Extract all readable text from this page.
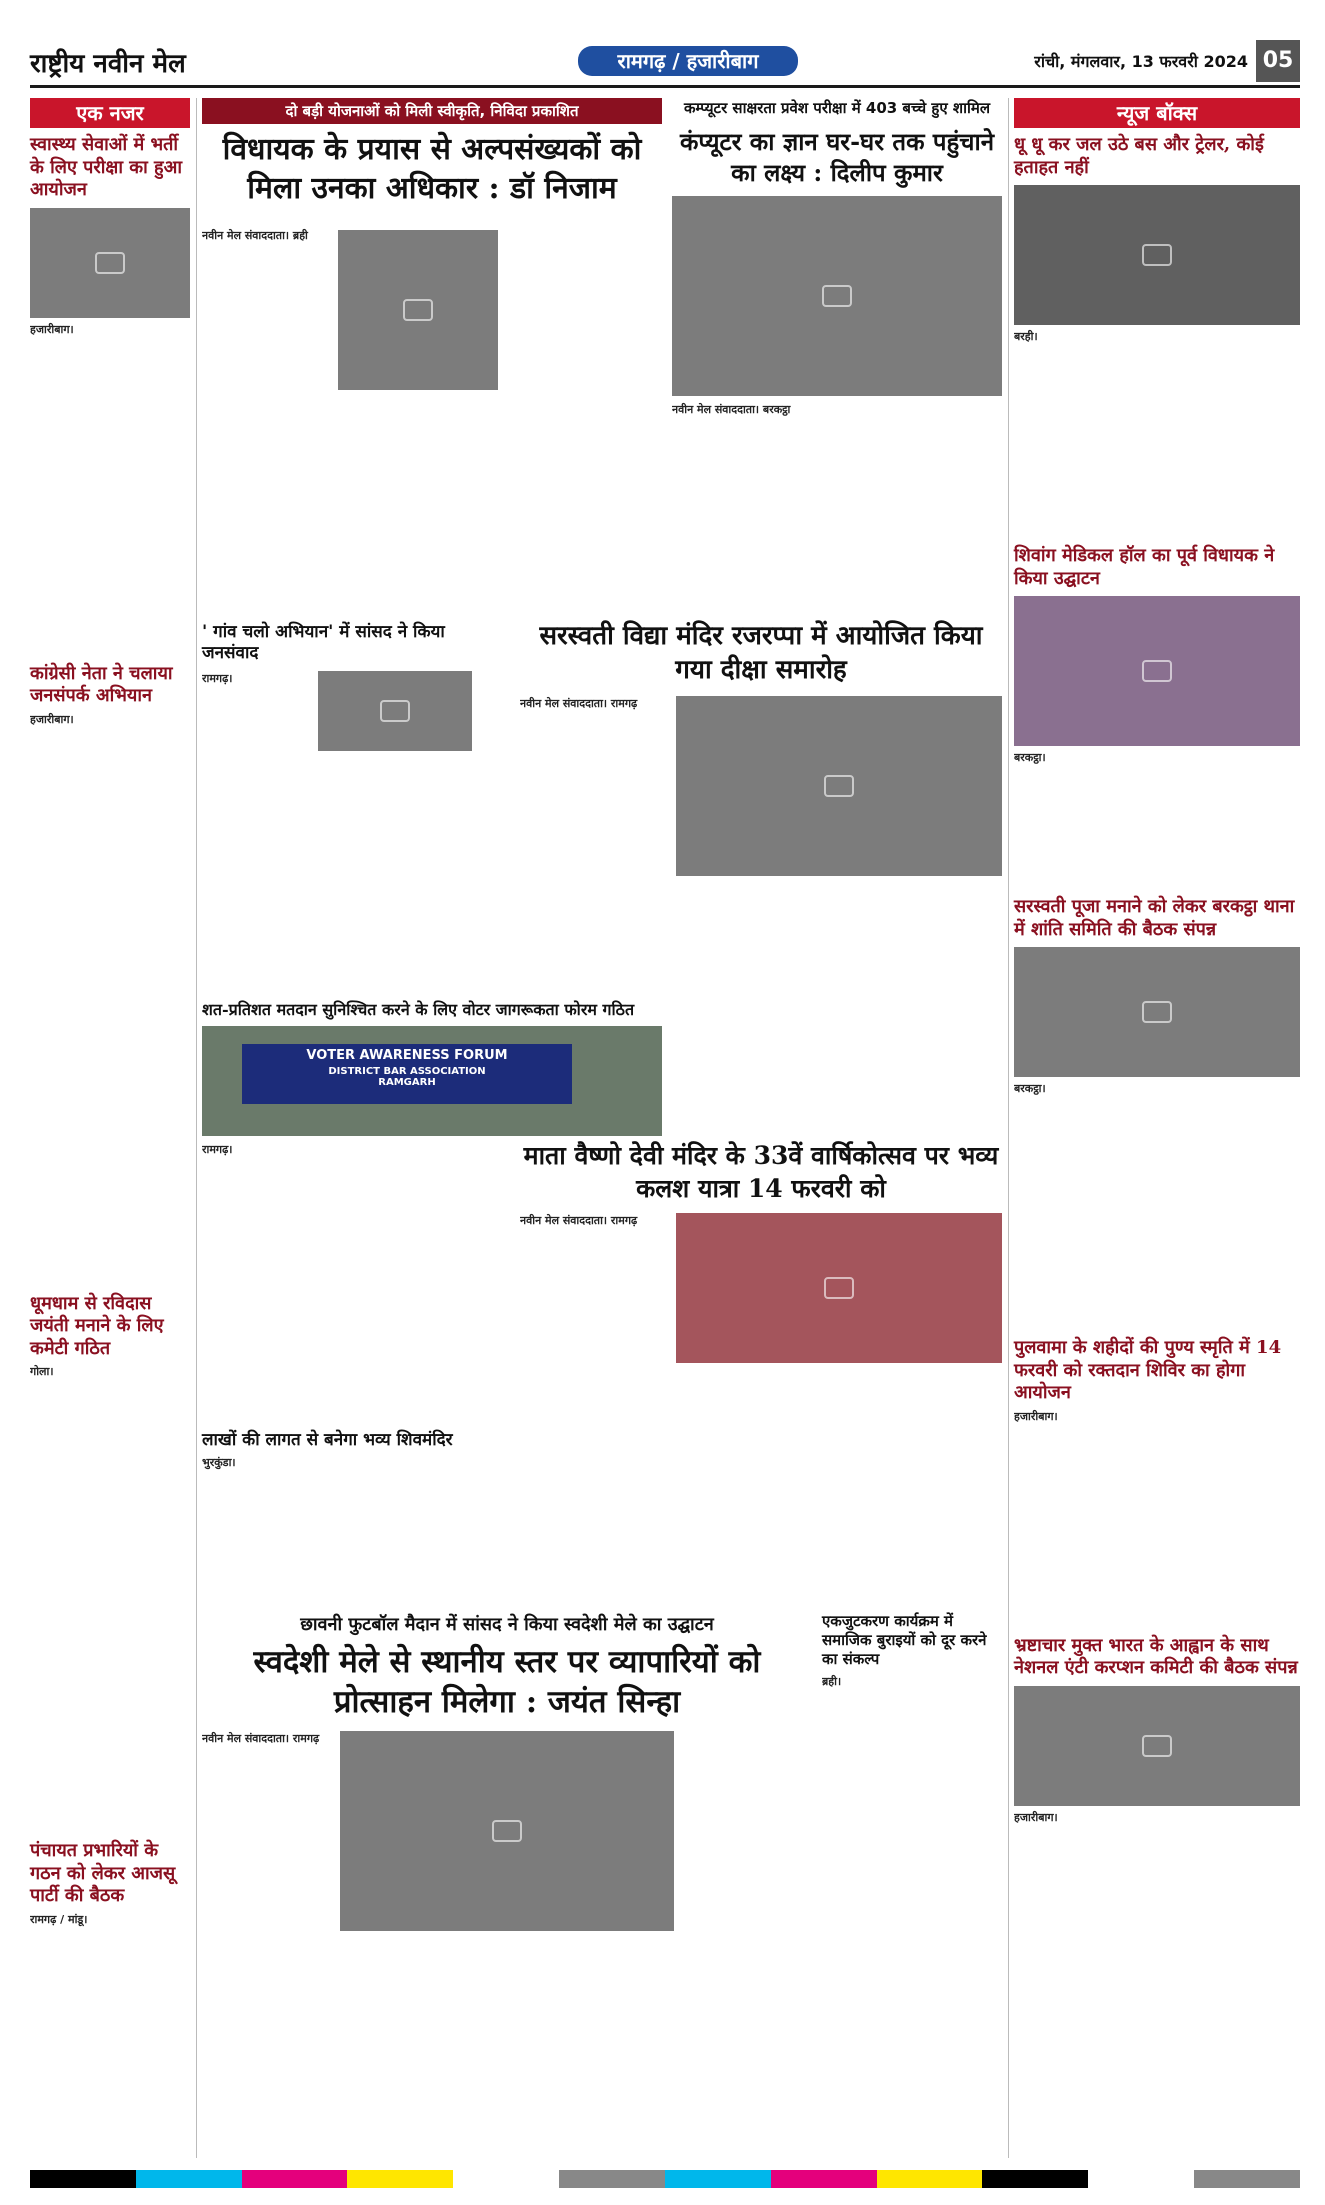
राष्ट्रीय नवीन मेल	रामगढ़ / हजारीबाग	रांची, मंगलवार, 13 फरवरी 2024 05
एक नजर
स्वास्थ्य सेवाओं में भर्ती के लिए परीक्षा का हुआ आयोजन
हजारीबाग।
कांग्रेसी नेता ने चलाया जनसंपर्क अभियान
हजारीबाग।
धूमधाम से रविदास जयंती मनाने के लिए कमेटी गठित
गोला।
पंचायत प्रभारियों के गठन को लेकर आजसू पार्टी की बैठक
रामगढ़ / मांडू।
दो बड़ी योजनाओं को मिली स्वीकृति, निविदा प्रकाशित
विधायक के प्रयास से अल्पसंख्यकों को मिला उनका अधिकार : डॉ निजाम
नवीन मेल संवाददाता। ब्रही
कम्प्यूटर साक्षरता प्रवेश परीक्षा में 403 बच्चे हुए शामिल
कंप्यूटर का ज्ञान घर-घर तक पहुंचाने का लक्ष्य : दिलीप कुमार
नवीन मेल संवाददाता। बरकट्ठा
' गांव चलो अभियान' में सांसद ने किया जनसंवाद
रामगढ़।
शत-प्रतिशत मतदान सुनिश्चित करने के लिए वोटर जागरूकता फोरम गठित
VOTER AWARENESS FORUM
DISTRICT BAR ASSOCIATION
RAMGARH
रामगढ़।
लाखों की लागत से बनेगा भव्य शिवमंदिर
भुरकुंडा।
सरस्वती विद्या मंदिर रजरप्पा में आयोजित किया गया दीक्षा समारोह
नवीन मेल संवाददाता। रामगढ़
माता वैष्णो देवी मंदिर के 33वें वार्षिकोत्सव पर भव्य कलश यात्रा 14 फरवरी को
नवीन मेल संवाददाता। रामगढ़
छावनी फुटबॉल मैदान में सांसद ने किया स्वदेशी मेले का उद्घाटन
स्वदेशी मेले से स्थानीय स्तर पर व्यापारियों को प्रोत्साहन मिलेगा : जयंत सिन्हा
नवीन मेल संवाददाता। रामगढ़
एकजुटकरण कार्यक्रम में समाजिक बुराइयों को दूर करने का संकल्प
ब्रही।
न्यूज बॉक्स
धू धू कर जल उठे बस और ट्रेलर, कोई हताहत नहीं
बरही।
शिवांग मेडिकल हॉल का पूर्व विधायक ने किया उद्घाटन
बरकट्ठा।
सरस्वती पूजा मनाने को लेकर बरकट्ठा थाना में शांति समिति की बैठक संपन्न
बरकट्ठा।
पुलवामा के शहीदों की पुण्य स्मृति में 14 फरवरी को रक्तदान शिविर का होगा आयोजन
हजारीबाग।
भ्रष्टाचार मुक्त भारत के आह्वान के साथ नेशनल एंटी करप्शन कमिटी की बैठक संपन्न
हजारीबाग।
